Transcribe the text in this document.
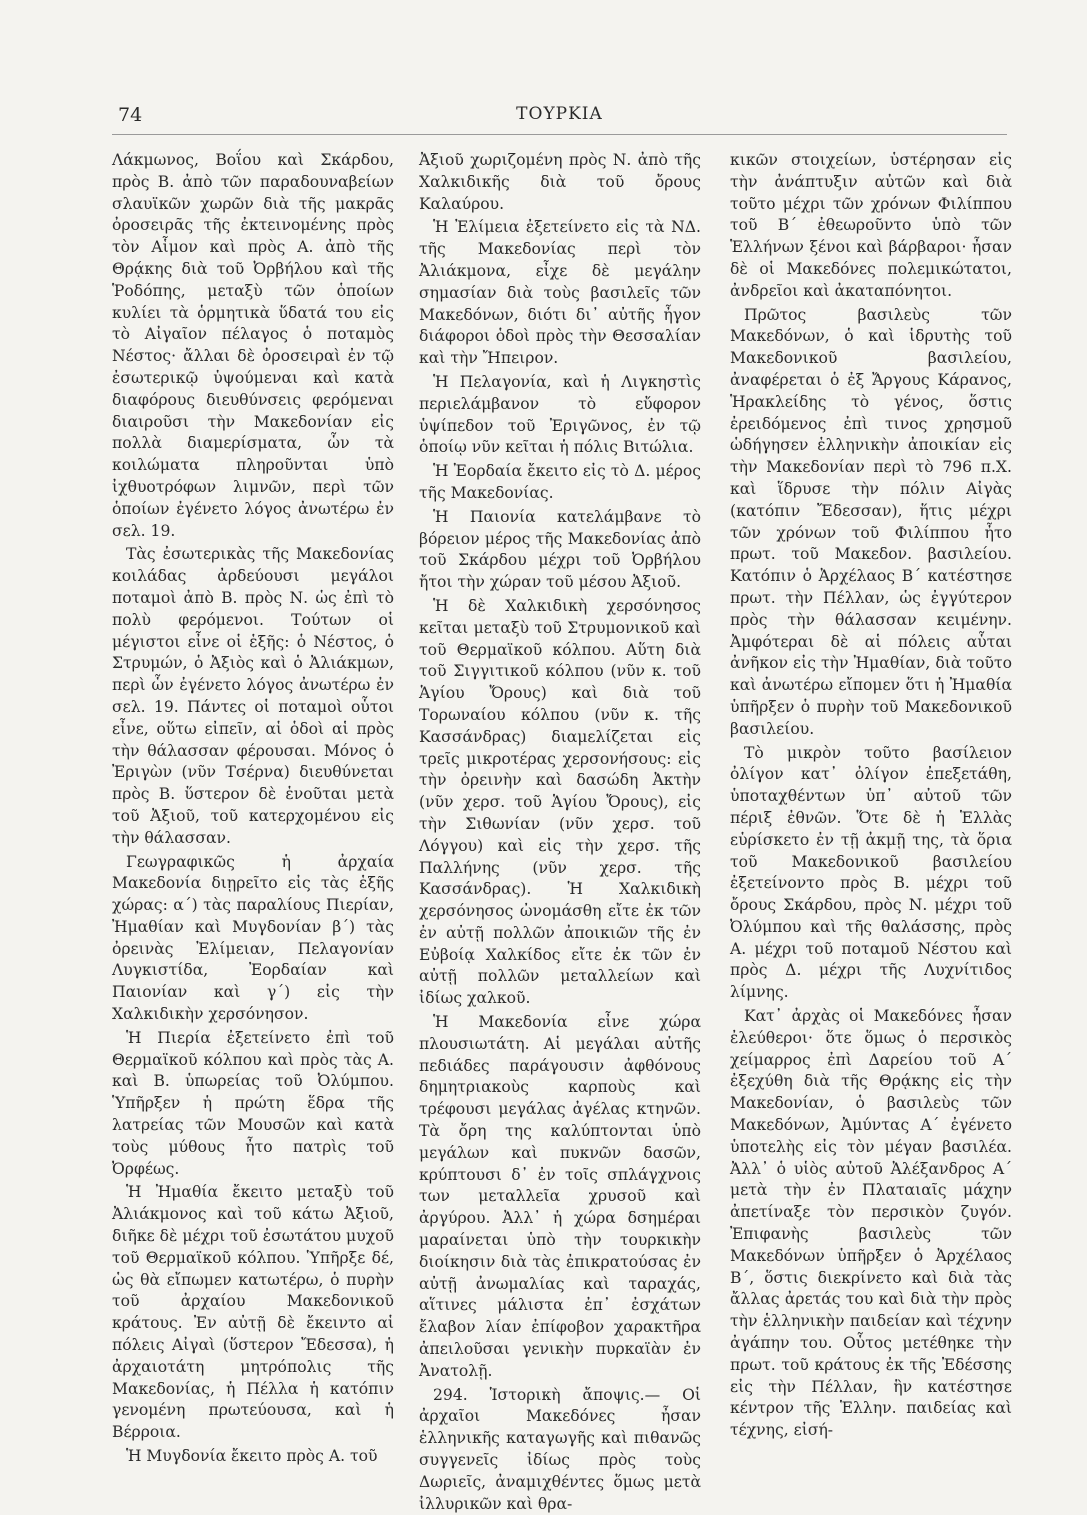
74	ΤΟΥΡΚΙΑ

Λάκμωνος, Βοΐου καὶ Σκάρδου, πρὸς Β. ἀπὸ τῶν παραδουναβείων σλαυϊκῶν χωρῶν διὰ τῆς μακρᾶς ὀροσειρᾶς τῆς ἐκτεινομένης πρὸς τὸν Αἷμον καὶ πρὸς Α. ἀπὸ τῆς Θρᾴκης διὰ τοῦ Ὀρβήλου καὶ τῆς Ῥοδόπης, μεταξὺ τῶν ὁποίων κυλίει τὰ ὁρμητικὰ ὕδατά του εἰς τὸ Αἰγαῖον πέλαγος ὁ ποταμὸς Νέστος· ἄλλαι δὲ ὀροσειραὶ ἐν τῷ ἐσωτερικῷ ὑψούμεναι καὶ κατὰ διαφόρους διευθύνσεις φερόμεναι διαιροῦσι τὴν Μακεδονίαν εἰς πολλὰ διαμερίσματα, ὧν τὰ κοιλώματα πληροῦνται ὑπὸ ἰχθυοτρόφων λιμνῶν, περὶ τῶν ὁποίων ἐγένετο λόγος ἀνωτέρω ἐν σελ. 19.

Τὰς ἐσωτερικὰς τῆς Μακεδονίας κοιλάδας ἀρδεύουσι μεγάλοι ποταμοὶ ἀπὸ Β. πρὸς Ν. ὡς ἐπὶ τὸ πολὺ φερόμενοι. Τούτων οἱ μέγιστοι εἶνε οἱ ἑξῆς: ὁ Νέστος, ὁ Στρυμών, ὁ Ἀξιὸς καὶ ὁ Ἀλιάκμων, περὶ ὧν ἐγένετο λόγος ἀνωτέρω ἐν σελ. 19. Πάντες οἱ ποταμοὶ οὗτοι εἶνε, οὕτω εἰπεῖν, αἱ ὁδοὶ αἱ πρὸς τὴν θάλασσαν φέρουσαι. Μόνος ὁ Ἐριγὼν (νῦν Τσέρνα) διευθύνεται πρὸς Β. ὕστερον δὲ ἑνοῦται μετὰ τοῦ Ἀξιοῦ, τοῦ κατερχομένου εἰς τὴν θάλασσαν.

Γεωγραφικῶς ἡ ἀρχαία Μακεδονία διῃρεῖτο εἰς τὰς ἑξῆς χώρας: α΄) τὰς παραλίους Πιερίαν, Ἠμαθίαν καὶ Μυγδονίαν β΄) τὰς ὀρεινὰς Ἐλίμειαν, Πελαγονίαν Λυγκιστίδα, Ἐορδαίαν καὶ Παιονίαν καὶ γ΄) εἰς τὴν Χαλκιδικὴν χερσόνησον.

Ἡ Πιερία ἐξετείνετο ἐπὶ τοῦ Θερμαϊκοῦ κόλπου καὶ πρὸς τὰς Α. καὶ Β. ὑπωρείας τοῦ Ὀλύμπου. Ὑπῆρξεν ἡ πρώτη ἕδρα τῆς λατρείας τῶν Μουσῶν καὶ κατὰ τοὺς μύθους ἦτο πατρὶς τοῦ Ὀρφέως.

Ἡ Ἠμαθία ἔκειτο μεταξὺ τοῦ Ἀλιάκμονος καὶ τοῦ κάτω Ἀξιοῦ, διῆκε δὲ μέχρι τοῦ ἐσωτάτου μυχοῦ τοῦ Θερμαϊκοῦ κόλπου. Ὑπῆρξε δέ, ὡς θὰ εἴπωμεν κατωτέρω, ὁ πυρὴν τοῦ ἀρχαίου Μακεδονικοῦ κράτους. Ἐν αὐτῇ δὲ ἔκειντο αἱ πόλεις Αἰγαὶ (ὕστερον Ἔδεσσα), ἡ ἀρχαιοτάτη μητρόπολις τῆς Μακεδονίας, ἡ Πέλλα ἡ κατόπιν γενομένη πρωτεύουσα, καὶ ἡ Βέρροια.

Ἡ Μυγδονία ἔκειτο πρὸς Α. τοῦ

Ἀξιοῦ χωριζομένη πρὸς Ν. ἀπὸ τῆς Χαλκιδικῆς διὰ τοῦ ὄρους Καλαύρου.

Ἡ Ἐλίμεια ἐξετείνετο εἰς τὰ ΝΔ. τῆς Μακεδονίας περὶ τὸν Ἀλιάκμονα, εἶχε δὲ μεγάλην σημασίαν διὰ τοὺς βασιλεῖς τῶν Μακεδόνων, διότι δι᾽ αὐτῆς ἦγον διάφοροι ὁδοὶ πρὸς τὴν Θεσσαλίαν καὶ τὴν Ἤπειρον.

Ἡ Πελαγονία, καὶ ἡ Λιγκηστὶς περιελάμβανον τὸ εὔφορον ὑψίπεδον τοῦ Ἐριγῶνος, ἐν τῷ ὁποίῳ νῦν κεῖται ἡ πόλις Βιτώλια.

Ἡ Ἐορδαία ἔκειτο εἰς τὸ Δ. μέρος τῆς Μακεδονίας.

Ἡ Παιονία κατελάμβανε τὸ βόρειον μέρος τῆς Μακεδονίας ἀπὸ τοῦ Σκάρδου μέχρι τοῦ Ὀρβήλου ἤτοι τὴν χώραν τοῦ μέσου Ἀξιοῦ.

Ἡ δὲ Χαλκιδικὴ χερσόνησος κεῖται μεταξὺ τοῦ Στρυμονικοῦ καὶ τοῦ Θερμαϊκοῦ κόλπου. Αὕτη διὰ τοῦ Σιγγιτικοῦ κόλπου (νῦν κ. τοῦ Ἁγίου Ὄρους) καὶ διὰ τοῦ Τορωναίου κόλπου (νῦν κ. τῆς Κασσάνδρας) διαμελίζεται εἰς τρεῖς μικροτέρας χερσονήσους: εἰς τὴν ὀρεινὴν καὶ δασώδη Ἀκτὴν (νῦν χερσ. τοῦ Ἁγίου Ὄρους), εἰς τὴν Σιθωνίαν (νῦν χερσ. τοῦ Λόγγου) καὶ εἰς τὴν χερσ. τῆς Παλλήνης (νῦν χερσ. τῆς Κασσάνδρας). Ἡ Χαλκιδικὴ χερσόνησος ὠνομάσθη εἴτε ἐκ τῶν ἐν αὐτῇ πολλῶν ἀποικιῶν τῆς ἐν Εὐβοίᾳ Χαλκίδος εἴτε ἐκ τῶν ἐν αὐτῇ πολλῶν μεταλλείων καὶ ἰδίως χαλκοῦ.

Ἡ Μακεδονία εἶνε χώρα πλουσιωτάτη. Αἱ μεγάλαι αὐτῆς πεδιάδες παράγουσιν ἀφθόνους δημητριακοὺς καρποὺς καὶ τρέφουσι μεγάλας ἀγέλας κτηνῶν. Τὰ ὄρη της καλύπτονται ὑπὸ μεγάλων καὶ πυκνῶν δασῶν, κρύπτουσι δ᾽ ἐν τοῖς σπλάγχνοις των μεταλλεῖα χρυσοῦ καὶ ἀργύρου. Ἀλλ᾽ ἡ χώρα δσημέραι μαραίνεται ὑπὸ τὴν τουρκικὴν διοίκησιν διὰ τὰς ἐπικρατούσας ἐν αὐτῇ ἀνωμαλίας καὶ ταραχάς, αἵτινες μάλιστα ἐπ᾽ ἐσχάτων ἔλαβον λίαν ἐπίφοβον χαρακτῆρα ἀπειλοῦσαι γενικὴν πυρκαϊὰν ἐν Ἀνατολῇ.

294. Ἱστορικὴ ἄποψις.— Οἱ ἀρχαῖοι Μακεδόνες ἦσαν ἑλληνικῆς καταγωγῆς καὶ πιθανῶς συγγενεῖς ἰδίως πρὸς τοὺς Δωριεῖς, ἀναμιχθέντες ὅμως μετὰ ἰλλυρικῶν καὶ θρα-

κικῶν στοιχείων, ὑστέρησαν εἰς τὴν ἀνάπτυξιν αὐτῶν καὶ διὰ τοῦτο μέχρι τῶν χρόνων Φιλίππου τοῦ Β΄ ἐθεωροῦντο ὑπὸ τῶν Ἑλλήνων ξένοι καὶ βάρβαροι· ἦσαν δὲ οἱ Μακεδόνες πολεμικώτατοι, ἀνδρεῖοι καὶ ἀκαταπόνητοι.

Πρῶτος βασιλεὺς τῶν Μακεδόνων, ὁ καὶ ἱδρυτὴς τοῦ Μακεδονικοῦ βασιλείου, ἀναφέρεται ὁ ἐξ Ἄργους Κάρανος, Ἡρακλείδης τὸ γένος, ὅστις ἐρειδόμενος ἐπὶ τινος χρησμοῦ ὡδήγησεν ἑλληνικὴν ἀποικίαν εἰς τὴν Μακεδονίαν περὶ τὸ 796 π.Χ. καὶ ἵδρυσε τὴν πόλιν Αἰγὰς (κατόπιν Ἔδεσσαν), ἥτις μέχρι τῶν χρόνων τοῦ Φιλίππου ἦτο πρωτ. τοῦ Μακεδον. βασιλείου. Κατόπιν ὁ Ἀρχέλαος Β΄ κατέστησε πρωτ. τὴν Πέλλαν, ὡς ἐγγύτερον πρὸς τὴν θάλασσαν κειμένην. Ἀμφότεραι δὲ αἱ πόλεις αὗται ἀνῆκον εἰς τὴν Ἠμαθίαν, διὰ τοῦτο καὶ ἀνωτέρω εἴπομεν ὅτι ἡ Ἠμαθία ὑπῆρξεν ὁ πυρὴν τοῦ Μακεδονικοῦ βασιλείου.

Τὸ μικρὸν τοῦτο βασίλειον ὀλίγον κατ᾽ ὀλίγον ἐπεξετάθη, ὑποταχθέντων ὑπ᾽ αὐτοῦ τῶν πέριξ ἐθνῶν. Ὅτε δὲ ἡ Ἑλλὰς εὑρίσκετο ἐν τῇ ἀκμῇ της, τὰ ὅρια τοῦ Μακεδονικοῦ βασιλείου ἐξετείνοντο πρὸς Β. μέχρι τοῦ ὄρους Σκάρδου, πρὸς Ν. μέχρι τοῦ Ὀλύμπου καὶ τῆς θαλάσσης, πρὸς Α. μέχρι τοῦ ποταμοῦ Νέστου καὶ πρὸς Δ. μέχρι τῆς Λυχνίτιδος λίμνης.

Κατ᾽ ἀρχὰς οἱ Μακεδόνες ἦσαν ἐλεύθεροι· ὅτε ὅμως ὁ περσικὸς χείμαρρος ἐπὶ Δαρείου τοῦ Α΄ ἐξεχύθη διὰ τῆς Θρᾴκης εἰς τὴν Μακεδονίαν, ὁ βασιλεὺς τῶν Μακεδόνων, Ἀμύντας Α΄ ἐγένετο ὑποτελὴς εἰς τὸν μέγαν βασιλέα. Ἀλλ᾽ ὁ υἱὸς αὐτοῦ Ἀλέξανδρος Α΄ μετὰ τὴν ἐν Πλαταιαῖς μάχην ἀπετίναξε τὸν περσικὸν ζυγόν. Ἐπιφανὴς βασιλεὺς τῶν Μακεδόνων ὑπῆρξεν ὁ Ἀρχέλαος Β΄, ὅστις διεκρίνετο καὶ διὰ τὰς ἄλλας ἀρετάς του καὶ διὰ τὴν πρὸς τὴν ἑλληνικὴν παιδείαν καὶ τέχνην ἀγάπην του. Οὗτος μετέθηκε τὴν πρωτ. τοῦ κράτους ἐκ τῆς Ἐδέσσης εἰς τὴν Πέλλαν, ἣν κατέστησε κέντρον τῆς Ἑλλην. παιδείας καὶ τέχνης, εἰσή-
